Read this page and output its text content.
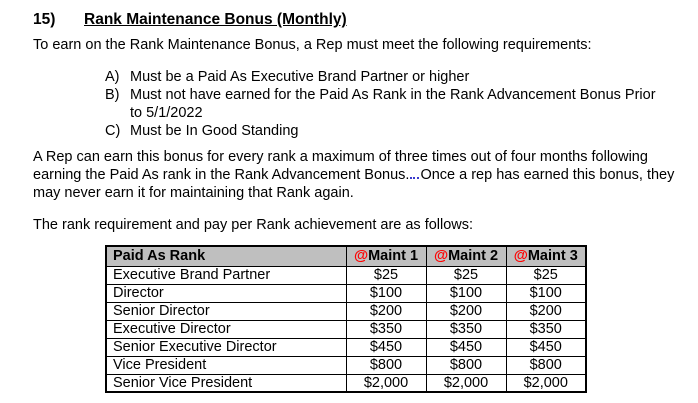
15)	Rank Maintenance Bonus (Monthly)
To earn on the Rank Maintenance Bonus, a Rep must meet the following requirements:
A) Must be a Paid As Executive Brand Partner or higher
B) Must not have earned for the Paid As Rank in the Rank Advancement Bonus Prior to 5/1/2022
C) Must be In Good Standing
A Rep can earn this bonus for every rank a maximum of three times out of four months following earning the Paid As rank in the Rank Advancement Bonus. Once a rep has earned this bonus, they may never earn it for maintaining that Rank again.
The rank requirement and pay per Rank achievement are as follows:
Paid As Rank	@Maint 1	@Maint 2	@Maint 3
Executive Brand Partner	$25	$25	$25
Director	$100	$100	$100
Senior Director	$200	$200	$200
Executive Director	$350	$350	$350
Senior Executive Director	$450	$450	$450
Vice President	$800	$800	$800
Senior Vice President	$2,000	$2,000	$2,000
